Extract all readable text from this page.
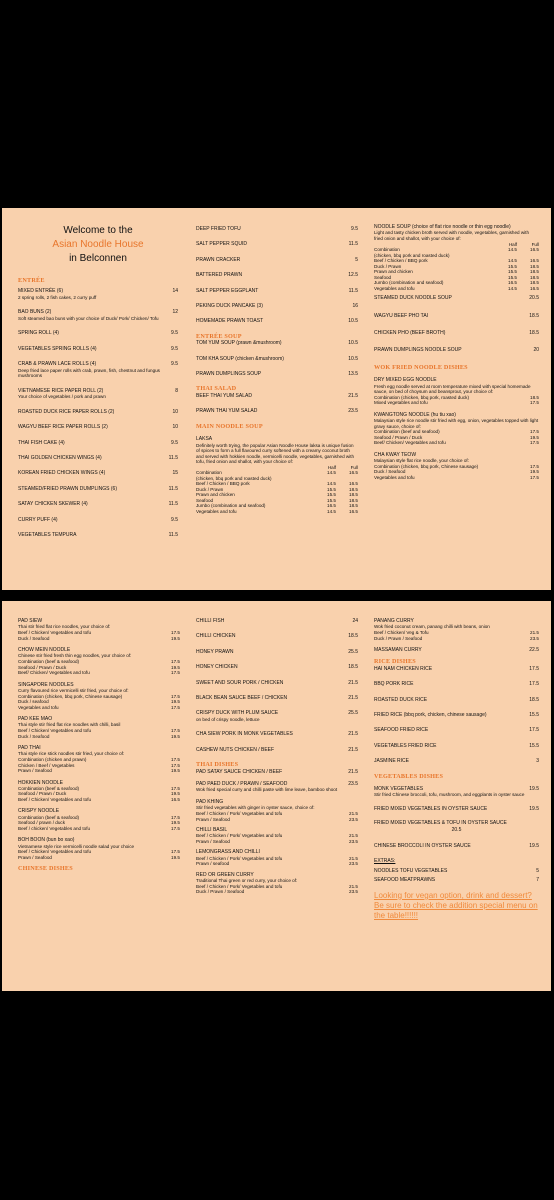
Welcome to the
Asian Noodle House
in Belconnen
ENTRÉE
MIXED ENTRÉE (6)	14
2 spring rolls, 2 fish cakes, 2 curry puff
BAO BUNS (2)	12
Soft steamed bao buns with your choice of Duck/ Pork/ Chicken/ Tofu
SPRING ROLL (4)	9.5
VEGETABLES SPRING ROLLS (4)	9.5
CRAB & PRAWN LACE ROLLS (4)	9.5
Deep fried lace paper rolls with crab, prawn, fish, chestnut and fungus mushrooms
VIETNAMESE RICE PAPER ROLL (2)	8
Your choice of vegetables / pork and prawn
ROASTED DUCK RICE PAPER ROLLS (2)	10
WAGYU BEEF RICE PAPER ROLLS (2)	10
THAI FISH CAKE (4)	9.5
THAI GOLDEN CHICKEN WINGS (4)	11.5
KOREAN FRIED CHICKEN WINGS (4)	15
STEAMED/FRIED PRAWN DUMPLINGS (6)	11.5
SATAY CHICKEN SKEWER (4)	11.5
CURRY PUFF (4)	9.5
VEGETABLES TEMPURA	11.5
DEEP FRIED TOFU	9.5
SALT PEPPER SQUID	11.5
PRAWN CRACKER	5
BATTERED PRAWN	12.5
SALT PEPPER EGGPLANT	11.5
PEKING DUCK PANCAKE (3)	16
HOMEMADE PRAWN TOAST	10.5
ENTRÉE SOUP
TOM YUM SOUP (prawn &mushroom)	10.5
TOM KHA SOUP (chicken &mushroom)	10.5
PRAWN DUMPLINGS SOUP	13.5
THAI SALAD
BEEF THAI YUM SALAD	21.5
PRAWN THAI YUM SALAD	23.5
MAIN NOODLE SOUP
LAKSA
Definitely worth trying, the popular Asian Noodle House laksa is unique fusion of spices to form a full flavoured curry softened with a creamy coconut broth and served with hokkien noodle, vermicelli noodle, vegetables, garnished with tofu, fried onion and shallot, with your choice of:
Half	Full
Combination	14.5	16.5
(chicken, bbq pork and roasted duck)
Beef / Chicken / BBQ pork	14.5	16.5
Duck / Prawn	15.5	18.5
Prawn and chicken	15.5	18.5
Seafood	15.5	18.5
Jumbo (combination and seafood)	16.5	18.5
Vegetables and tofu	14.5	16.5
NOODLE SOUP (choice of flat rice noodle or thin egg noodle)
Light and tasty chicken broth served with noodle, vegetables, garnished with fried onion and shallot, with your choice of:
Half	Full
Combination	14.5	16.5
(chicken, bbq pork and roasted duck)
Beef / Chicken / BBQ pork	14.5	16.5
Duck / Prawn	15.5	18.5
Prawn and chicken	15.5	18.5
Seafood	15.5	18.5
Jumbo (combination and seafood)	16.5	18.5
Vegetables and tofu	14.5	16.5
STEAMED DUCK NOODLE SOUP	20.5
WAGYU BEEF PHO TAI	18.5
CHICKEN PHO (BEEF BROTH)	18.5
PRAWN DUMPLINGS NOODLE SOUP	20
WOK FRIED NOODLE DISHES
DRY MIXED EGG NOODLE
Fresh egg noodle served at room temperature mixed with special homemade sauce, on bed of choysum and beansprout, your choice of:
Combination (chicken, bbq pork, roasted duck)	18.5
Mixed vegetables and tofu	17.5
KWANGTONG NOODLE (hu tiu xao)
Malaysian style rice noodle stir fried with egg, onion, vegetables topped with light gravy sauce, choice of:
Combination (beef and seafood)	17.5
Seafood / Prawn / Duck	19.5
Beef/ Chicken/ Vegetables and tofu	17.5
CHA KWAY TEOW
Malaysian style flat rice noodle, your choice of:
Combination (chicken, bbq pork, Chinese sausage)	17.5
Duck / Seafood	19.5
Vegetables and tofu	17.5
PAD SIEW
Thai stir fried flat rice noodles, your choice of:
Beef / Chicken/ Vegetables and tofu	17.5
Duck / Seafood	19.5
CHOW MEIN NOODLE
Chinese stir fried fresh thin egg noodles, your choice of:
Combination (beef & seafood)	17.5
Seafood / Prawn / Duck	19.5
Beef/ Chicken/ Vegetables and tofu	17.5
SINGAPORE NOODLES
Curry flavoured rice vermicelli stir fried, your choice of:
Combination (chicken, bbq pork, Chinese sausage)	17.5
Duck / seafood	19.5
Vegetables and tofu	17.5
PAD KEE MAO
Thai style stir fried flat rice noodles with chilli, basil
Beef / Chicken/ Vegetables and tofu	17.5
Duck / Seafood	19.5
PAD THAI
Thai style rice stick noodles stir fried, your choice of:
Combination (chicken and prawn)	17.5
Chicken / Beef / Vegetables	17.5
Prawn / Seafood	19.5
HOKKIEN NOODLE
Combination (beef & seafood)	17.5
Seafood / Prawn / Duck	19.5
Beef / Chicken/ Vegetables and tofu	16.5
CRISPY NOODLE
Combination (beef & seafood)	17.5
Seafood / prawn / duck	19.5
Beef / chicken/ Vegetables and tofu	17.5
BOH BOON (bun bo xao)
Vietnamese style rice vermicelli noodle salad your choice
Beef / Chicken/ Vegetables and tofu	17.5
Prawn / Seafood	19.5
CHINESE DISHES
CHILLI FISH	24
CHILLI CHICKEN	18.5
HONEY PRAWN	25.5
HONEY CHICKEN	18.5
SWEET AND SOUR PORK / CHICKEN	21.5
BLACK BEAN SAUCE BEEF / CHICKEN	21.5
CRISPY DUCK WITH PLUM SAUCE	25.5
on bed of crispy noodle, lettuce
CHA SIEW PORK IN MONK VEGETABLES	21.5
CASHEW NUTS CHICKEN / BEEF	21.5
THAI DISHES
PAD SATAY SAUCE CHICKEN / BEEF	21.5
PAD PAED DUCK / PRAWN / SEAFOOD	23.5
Wok fried special curry and chilli paste with lime leave, bamboo shoot
PAD KHING
Stir fried vegetables with ginger in oyster sauce, choice of:
Beef / Chicken / Pork/ Vegetables and tofu	21.5
Prawn / Seafood	23.5
CHILLI BASIL
Beef / Chicken / Pork/ Vegetables and tofu	21.5
Prawn / Seafood	23.5
LEMONGRASS AND CHILLI
Beef / Chicken / Pork/ Vegetables and tofu	21.5
Prawn / seafood	23.5
RED OR GREEN CURRY
Traditional Thai green or red curry, your choice of:
Beef / Chicken / Pork/ Vegetables and tofu	21.5
Duck / Prawn / Seafood	23.5
PANANG CURRY
Wok fried coconut cream, panang chilli with beans, onion
Beef / Chicken/ Veg & Tofu	21.5
Duck / Prawn / Seafood	23.5
MASSAMAN CURRY	22.5
RICE DISHES
HAI NAM CHICKEN RICE	17.5
BBQ PORK RICE	17.5
ROASTED DUCK RICE	18.5
FRIED RICE (bbq pork, chicken, chinese sausage)	15.5
SEAFOOD FRIED RICE	17.5
VEGETABLES FRIED RICE	15.5
JASMINE RICE	3
VEGETABLES DISHES
MONK VEGETABLES	19.5
Stir fried Chinese broccoli, tofu, mushroom, and eggplants in oyster sauce
FRIED MIXED VEGETABLES IN OYSTER SAUCE	19.5
FRIED MIXED VEGETABLES & TOFU IN OYSTER SAUCE
20.5
CHINESE BROCCOLI IN OYSTER SAUCE	19.5
EXTRAS:
NOODLES TOFU VEGETABLES	5
SEAFOOD MEATPRAWNS	7
Looking for vegan option, drink and dessert? Be sure to check the addition special menu on the table!!!!!!
